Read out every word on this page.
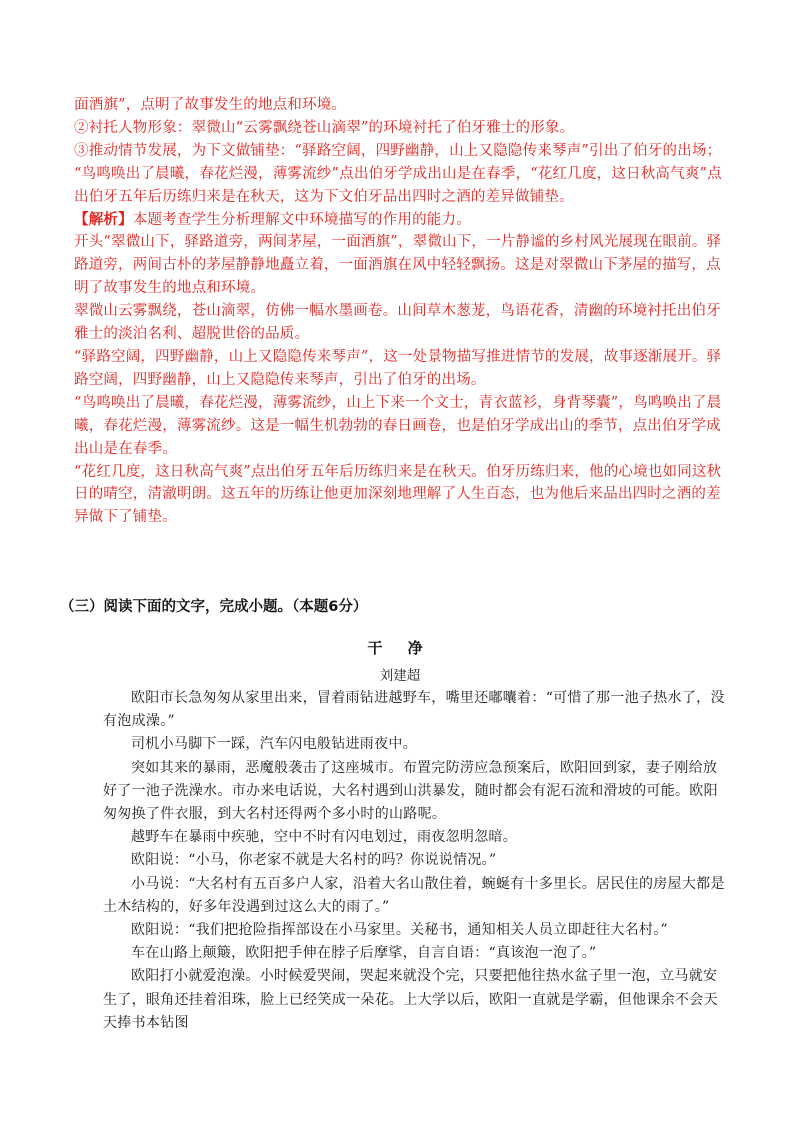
面酒旗”，点明了故事发生的地点和环境。

②衬托人物形象：翠微山“云雾飘绕苍山滴翠”的环境衬托了伯牙雅士的形象。

③推动情节发展，为下文做铺垫：“驿路空阔，四野幽静，山上又隐隐传来琴声”引出了伯牙的出场；

“鸟鸣唤出了晨曦，春花烂漫，薄雾流纱”点出伯牙学成出山是在春季，“花红几度，这日秋高气爽”点出伯牙五年后历练归来是在秋天，这为下文伯牙品出四时之酒的差异做铺垫。

【解析】本题考查学生分析理解文中环境描写的作用的能力。

开头“翠微山下，驿路道旁，两间茅屋，一面酒旗”，翠微山下，一片静谧的乡村风光展现在眼前。驿路道旁，两间古朴的茅屋静静地矗立着，一面酒旗在风中轻轻飘扬。这是对翠微山下茅屋的描写，点明了故事发生的地点和环境。

翠微山云雾飘绕，苍山滴翠，仿佛一幅水墨画卷。山间草木葱茏，鸟语花香，清幽的环境衬托出伯牙雅士的淡泊名利、超脱世俗的品质。

“驿路空阔，四野幽静，山上又隐隐传来琴声”，这一处景物描写推进情节的发展，故事逐渐展开。驿路空阔，四野幽静，山上又隐隐传来琴声，引出了伯牙的出场。

“鸟鸣唤出了晨曦，春花烂漫，薄雾流纱，山上下来一个文士，青衣蓝衫，身背琴囊”，鸟鸣唤出了晨曦，春花烂漫，薄雾流纱。这是一幅生机勃勃的春日画卷，也是伯牙学成出山的季节，点出伯牙学成出山是在春季。

“花红几度，这日秋高气爽”点出伯牙五年后历练归来是在秋天。伯牙历练归来，他的心境也如同这秋日的晴空，清澈明朗。这五年的历练让他更加深刻地理解了人生百态，也为他后来品出四时之酒的差异做下了铺垫。

（三）阅读下面的文字，完成小题。（本题6分）
干 净
刘建超

欧阳市长急匆匆从家里出来，冒着雨钻进越野车，嘴里还嘟囔着：“可惜了那一池子热水了，没有泡成澡。”

司机小马脚下一踩，汽车闪电般钻进雨夜中。

突如其来的暴雨，恶魔般袭击了这座城市。布置完防涝应急预案后，欧阳回到家，妻子刚给放好了一池子洗澡水。市办来电话说，大名村遇到山洪暴发，随时都会有泥石流和滑坡的可能。欧阳匆匆换了件衣服，到大名村还得两个多小时的山路呢。

越野车在暴雨中疾驰，空中不时有闪电划过，雨夜忽明忽暗。

欧阳说：“小马，你老家不就是大名村的吗？你说说情况。”

小马说：“大名村有五百多户人家，沿着大名山散住着，蜿蜒有十多里长。居民住的房屋大都是土木结构的，好多年没遇到过这么大的雨了。”

欧阳说：“我们把抢险指挥部设在小马家里。关秘书，通知相关人员立即赶往大名村。”

车在山路上颠簸，欧阳把手伸在脖子后摩挲，自言自语：“真该泡一泡了。”

欧阳打小就爱泡澡。小时候爱哭闹，哭起来就没个完，只要把他往热水盆子里一泡，立马就安生了，眼角还挂着泪珠，脸上已经笑成一朵花。上大学以后，欧阳一直就是学霸，但他课余不会天天捧书本钻图
